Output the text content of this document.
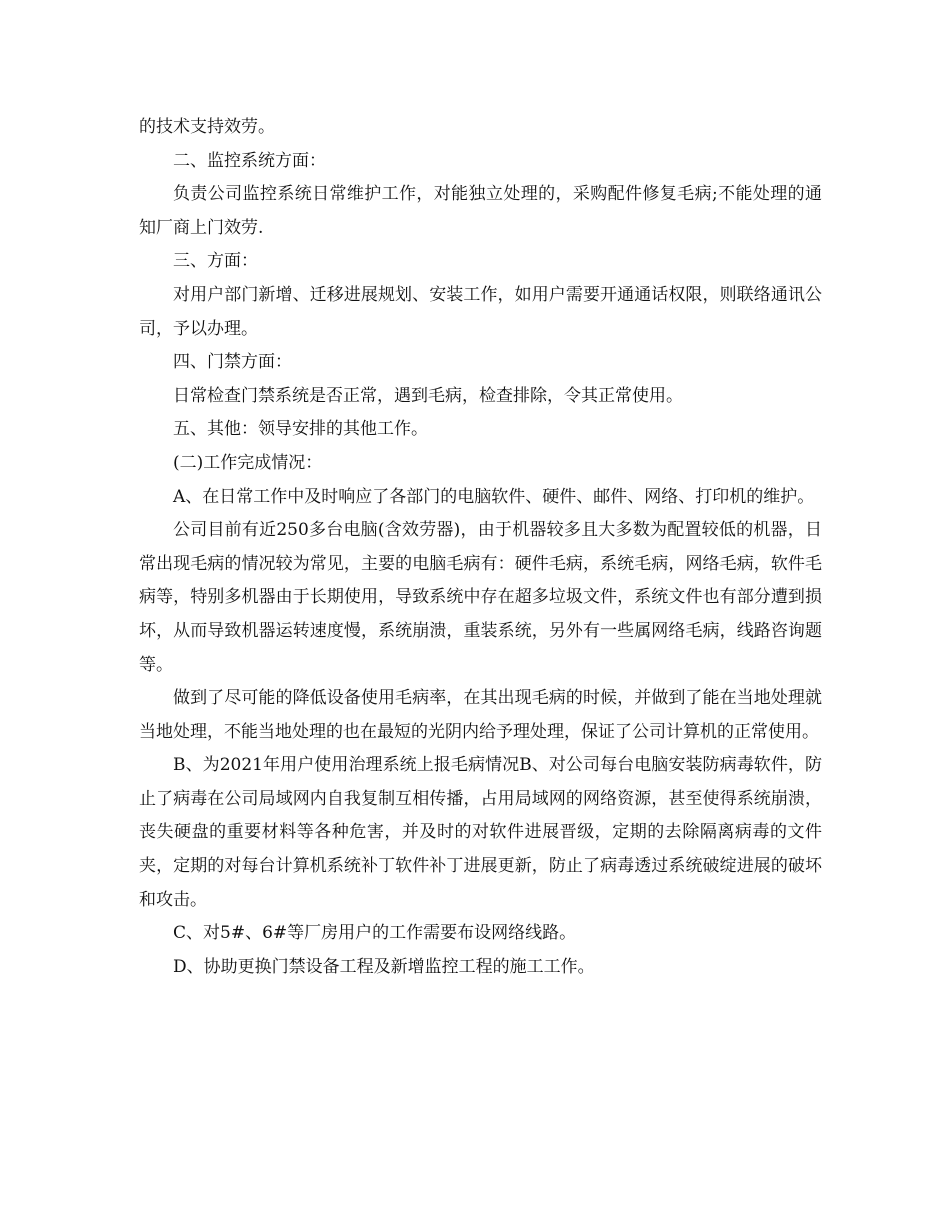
的技术支持效劳。

二、监控系统方面：

负责公司监控系统日常维护工作，对能独立处理的，采购配件修复毛病;不能处理的通知厂商上门效劳.

三、方面：

对用户部门新增、迁移进展规划、安装工作，如用户需要开通通话权限，则联络通讯公司，予以办理。

四、门禁方面：

日常检查门禁系统是否正常，遇到毛病，检查排除，令其正常使用。

五、其他：领导安排的其他工作。

(二)工作完成情况：

A、在日常工作中及时响应了各部门的电脑软件、硬件、邮件、网络、打印机的维护。

公司目前有近250多台电脑(含效劳器)，由于机器较多且大多数为配置较低的机器，日常出现毛病的情况较为常见，主要的电脑毛病有：硬件毛病，系统毛病，网络毛病，软件毛病等，特别多机器由于长期使用，导致系统中存在超多垃圾文件，系统文件也有部分遭到损坏，从而导致机器运转速度慢，系统崩溃，重装系统，另外有一些属网络毛病，线路咨询题等。

做到了尽可能的降低设备使用毛病率，在其出现毛病的时候，并做到了能在当地处理就当地处理，不能当地处理的也在最短的光阴内给予理处理，保证了公司计算机的正常使用。

B、为2021年用户使用治理系统上报毛病情况B、对公司每台电脑安装防病毒软件，防止了病毒在公司局域网内自我复制互相传播，占用局域网的网络资源，甚至使得系统崩溃，丧失硬盘的重要材料等各种危害，并及时的对软件进展晋级，定期的去除隔离病毒的文件夹，定期的对每台计算机系统补丁软件补丁进展更新，防止了病毒透过系统破绽进展的破坏和攻击。

C、对5#、6#等厂房用户的工作需要布设网络线路。

D、协助更换门禁设备工程及新增监控工程的施工工作。
